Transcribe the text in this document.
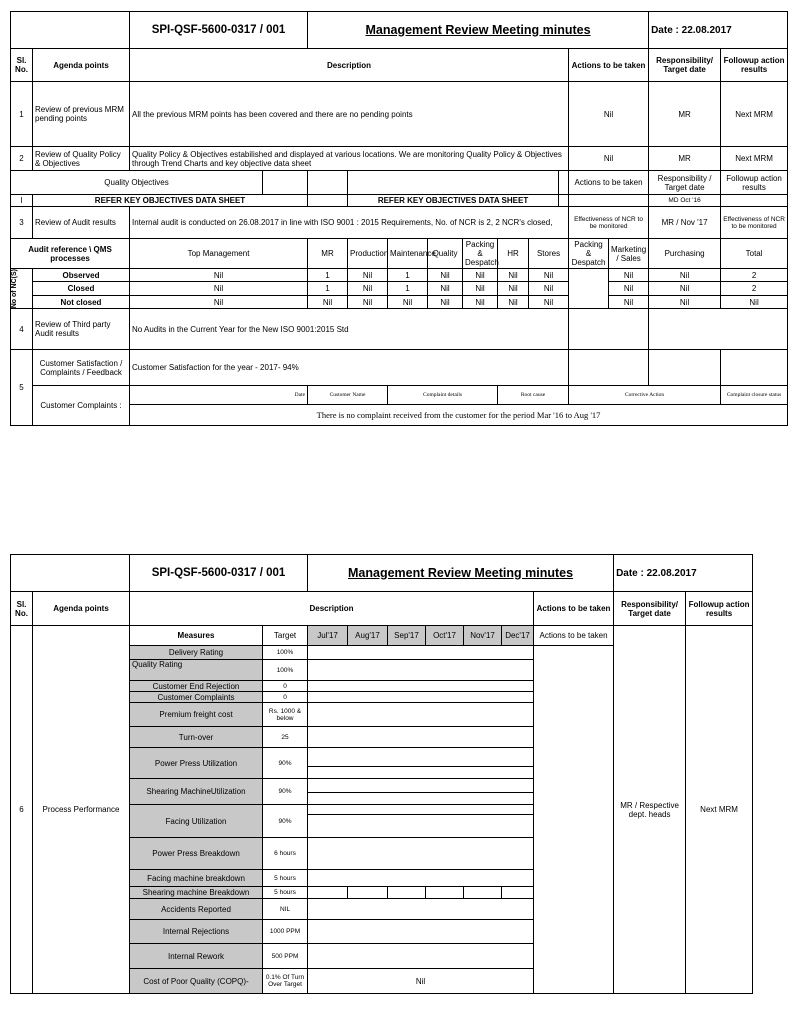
		SPI-QSF-5600-0317 / 001		Management Review Meeting minutes										Date : 22.08.2017		
Sl. No.	Agenda points	Description										Actions to be taken		Responsibility/ Target date	Followup action results	
1	Review of previous MRM pending points	All the previous MRM points has been covered and there are no pending points										Nil		MR	Next MRM	
2	Review of Quality Policy & Objectives	Quality Policy & Objectives estabilished and displayed at various locations. We are monitoring Quality Policy & Objectives through Trend Charts and key objective data sheet										Nil		MR	Next MRM	
Quality Objectives												Actions to be taken		Responsibility / Target date	Followup action results	
I	REFER KEY OBJECTIVES DATA SHEET				REFER KEY OBJECTIVES DATA SHEET									MD Oct '16		
3	Review of Audit results	Internal audit is conducted on 26.08.2017 in line with ISO 9001 : 2015 Requirements, No. of NCR is 2, 2 NCR's closed,										Effectiveness of NCR to be monitored		MR / Nov '17	Effectiveness of NCR to be monitored	
Audit reference \ QMS processes		Top Management		MR	Production	Maintenance	Quality	Packing & Despatch	HR	Stores		Packing & Despatch	Marketing / Sales	Purchasing	Total	

No of NC(S)	Observed	Nil		1	Nil	1	Nil	Nil	Nil	Nil			Nil	Nil	2	
	Closed	Nil		1	Nil	1	Nil	Nil	Nil	Nil			Nil	Nil	2	
	Not closed	Nil		Nil	Nil	Nil	Nil	Nil	Nil	Nil			Nil	Nil	Nil	
4	Review of Third party Audit results	No Audits in the Current Year for the New ISO 9001:2015 Std														
5	Customer Satisfaction / Complaints / Feedback	Customer Satisfaction for the year - 2017- 94%														
	Customer Complaints :	Date		Customer Name		Complaint details			Root cause			Corrective Action			Complaint closure status	
		There is no complaint received from the customer for the period Mar '16 to Aug '17														
		SPI-QSF-5600-0317 / 001		Management Review Meeting minutes							Date : 22.08.2017	
Sl. No.	Agenda points	Description								Actions to be taken	Responsibility/ Target date	Followup action results
6	Process Performance	Measures	Target	Jul'17	Aug'17	Sep'17	Oct'17	Nov'17	Dec'17	Actions to be taken	MR / Respective dept. heads	Next MRM
		Delivery Rating	100%									
		Quality Rating	100%									
		Customer End Rejection	0									
		Customer Complaints	0									
		Premium freight cost	Rs. 1000 & below									
		Turn-over	25									
		Power Press Utilization	90%									

		Shearing MachineUtilization	90%									

		Facing Utilization	90%									

		Power Press Breakdown	6 hours									
		Facing machine breakdown	5 hours									
		Shearing machine Breakdown	5 hours									
		Accidents Reported	NIL									
		Internal Rejections	1000 PPM									
		Internal Rework	500 PPM									
		Cost of Poor Quality (COPQ)-	0.1% Of Turn Over Target	Nil								
